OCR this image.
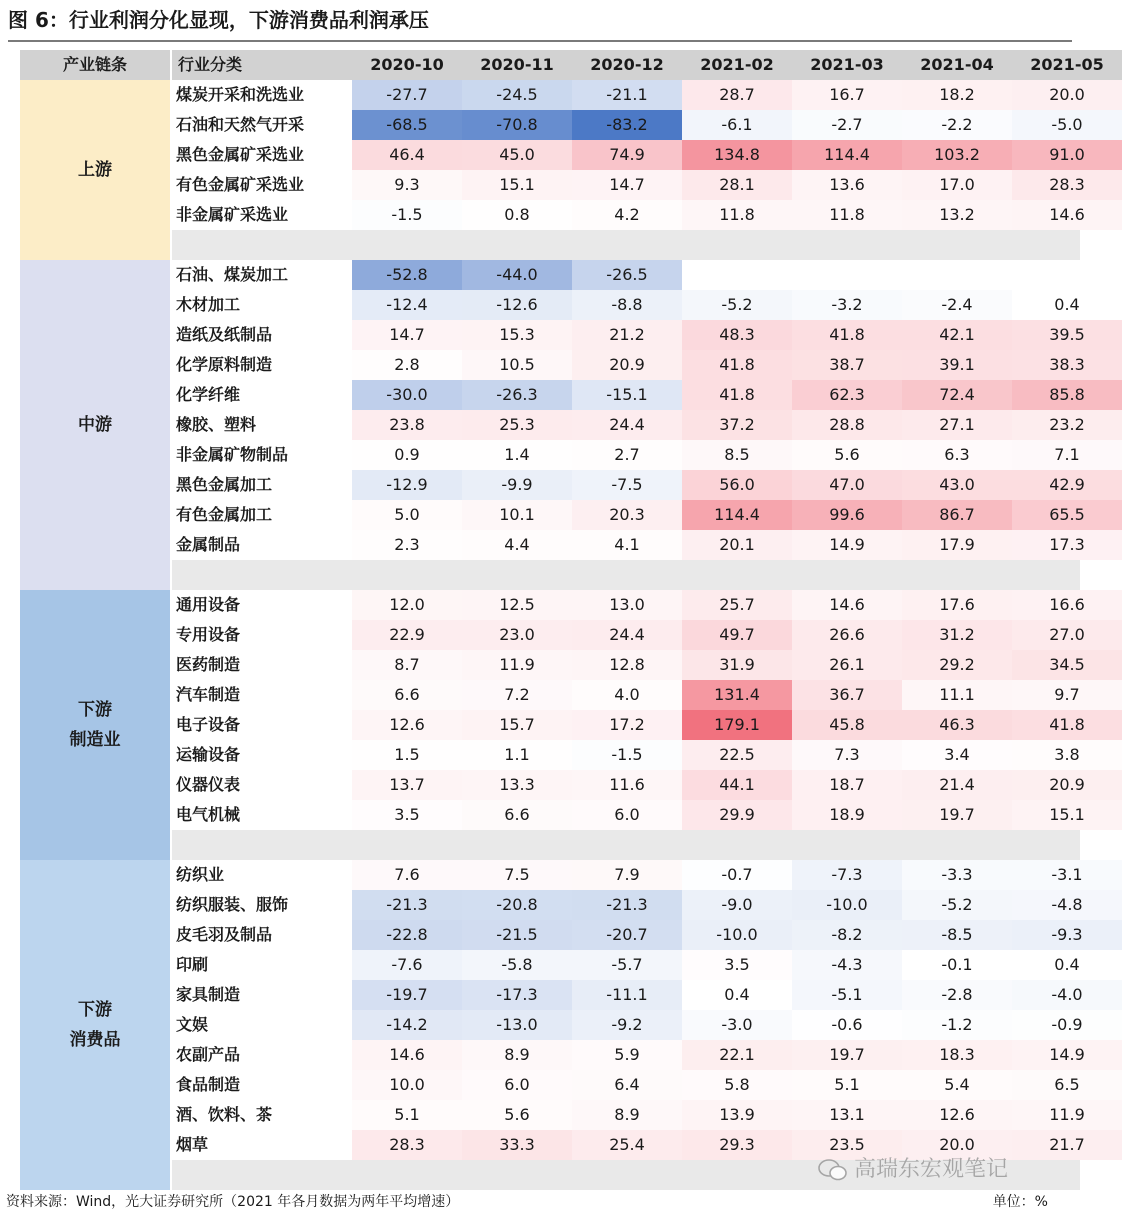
图 6：行业利润分化显现，下游消费品利润承压
产业链条	行业分类	2020-10	2020-11	2020-12	2021-02	2021-03	2021-04	2021-05
上游
煤炭开采和洗选业	-27.7	-24.5	-21.1	28.7	16.7	18.2	20.0
石油和天然气开采	-68.5	-70.8	-83.2	-6.1	-2.7	-2.2	-5.0
黑色金属矿采选业	46.4	45.0	74.9	134.8	114.4	103.2	91.0
有色金属矿采选业	9.3	15.1	14.7	28.1	13.6	17.0	28.3
非金属矿采选业	-1.5	0.8	4.2	11.8	11.8	13.2	14.6
中游
石油、煤炭加工	-52.8	-44.0	-26.5
木材加工	-12.4	-12.6	-8.8	-5.2	-3.2	-2.4	0.4
造纸及纸制品	14.7	15.3	21.2	48.3	41.8	42.1	39.5
化学原料制造	2.8	10.5	20.9	41.8	38.7	39.1	38.3
化学纤维	-30.0	-26.3	-15.1	41.8	62.3	72.4	85.8
橡胶、塑料	23.8	25.3	24.4	37.2	28.8	27.1	23.2
非金属矿物制品	0.9	1.4	2.7	8.5	5.6	6.3	7.1
黑色金属加工	-12.9	-9.9	-7.5	56.0	47.0	43.0	42.9
有色金属加工	5.0	10.1	20.3	114.4	99.6	86.7	65.5
金属制品	2.3	4.4	4.1	20.1	14.9	17.9	17.3
下游
制造业
通用设备	12.0	12.5	13.0	25.7	14.6	17.6	16.6
专用设备	22.9	23.0	24.4	49.7	26.6	31.2	27.0
医药制造	8.7	11.9	12.8	31.9	26.1	29.2	34.5
汽车制造	6.6	7.2	4.0	131.4	36.7	11.1	9.7
电子设备	12.6	15.7	17.2	179.1	45.8	46.3	41.8
运输设备	1.5	1.1	-1.5	22.5	7.3	3.4	3.8
仪器仪表	13.7	13.3	11.6	44.1	18.7	21.4	20.9
电气机械	3.5	6.6	6.0	29.9	18.9	19.7	15.1
下游
消费品
纺织业	7.6	7.5	7.9	-0.7	-7.3	-3.3	-3.1
纺织服装、服饰	-21.3	-20.8	-21.3	-9.0	-10.0	-5.2	-4.8
皮毛羽及制品	-22.8	-21.5	-20.7	-10.0	-8.2	-8.5	-9.3
印刷	-7.6	-5.8	-5.7	3.5	-4.3	-0.1	0.4
家具制造	-19.7	-17.3	-11.1	0.4	-5.1	-2.8	-4.0
文娱	-14.2	-13.0	-9.2	-3.0	-0.6	-1.2	-0.9
农副产品	14.6	8.9	5.9	22.1	19.7	18.3	14.9
食品制造	10.0	6.0	6.4	5.8	5.1	5.4	6.5
酒、饮料、茶	5.1	5.6	8.9	13.9	13.1	12.6	11.9
烟草	28.3	33.3	25.4	29.3	23.5	20.0	21.7
高瑞东宏观笔记
资料来源：Wind，光大证券研究所（2021 年各月数据为两年平均增速）	单位：%
